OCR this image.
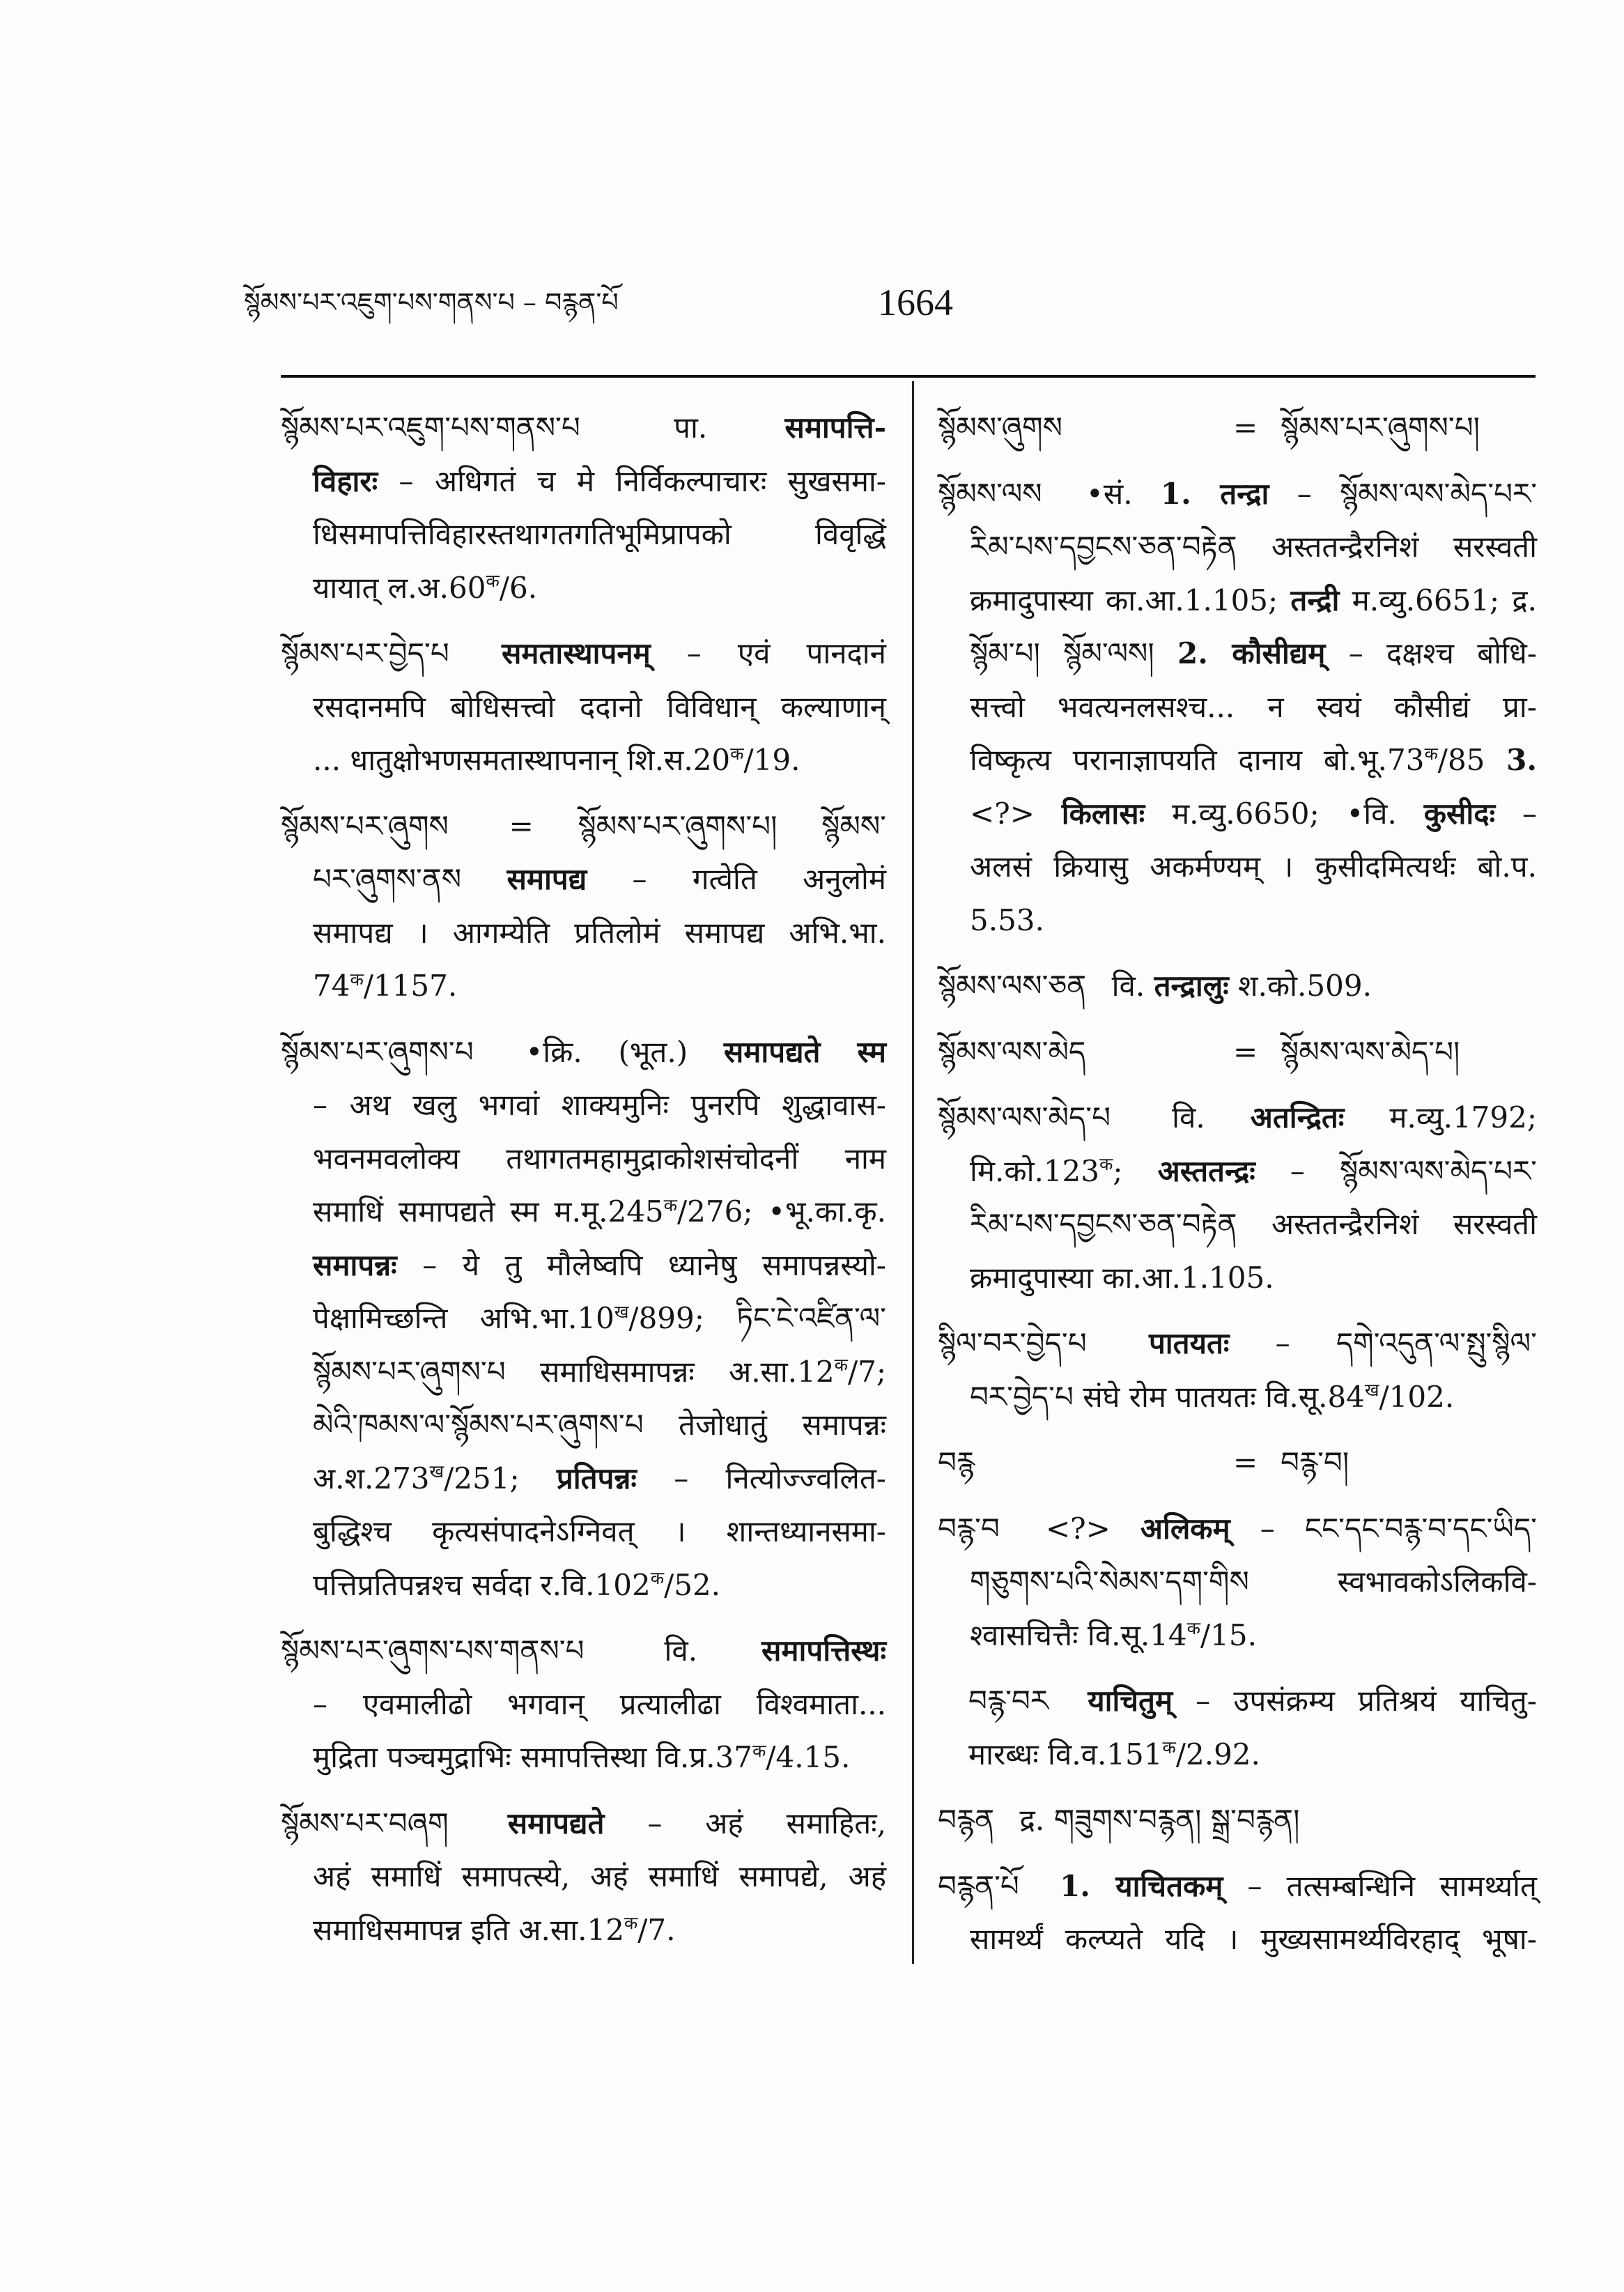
སྙོམས་པར་འཇུག་པས་གནས་པ – བརྙན་པོ	1664
སྙོམས་པར་འཇུག་པས་གནས་པ पा. समापत्ति-
विहारः – अधिगतं च मे निर्विकल्पाचारः सुखसमा-
धिसमापत्तिविहारस्तथागतगतिभूमिप्रापको विवृद्धिं
यायात् $ल.अ.60^क/6$.
སྙོམས་པར་བྱེད་པ समतास्थापनम् – एवं पानदानं
रसदानमपि बोधिसत्त्वो ददानो विविधान् कल्याणान्
... धातुक्षोभणसमतास्थापनान् $शि.स.20^क/19$.
སྙོམས་པར་ཞུགས = སྙོམས་པར་ཞུགས་པ། སྙོམས་
པར་ཞུགས་ནས समापद्य – गत्वेति अनुलोमं
समापद्य । आगम्येति प्रतिलोमं समापद्य अभि.भा.
$74^क/1157$.
སྙོམས་པར་ཞུགས་པ •क्रि. (भूत.) समापद्यते स्म
– अथ खलु भगवां शाक्यमुनिः पुनरपि शुद्धावास-
भवनमवलोक्य तथागतमहामुद्राकोशसंचोदनीं नाम
समाधिं समापद्यते स्म $म.मू.245^क/276$; •भू.का.कृ.
समापन्नः – ये तु मौलेष्वपि ध्यानेषु समापन्नस्यो-
पेक्षामिच्छन्ति $अभि.भा.10^ख/899$; ཏིང་ངེ་འཛིན་ལ་
སྙོམས་པར་ཞུགས་པ समाधिसमापन्नः $अ.सा.12^क/7$;
མེའི་ཁམས་ལ་སྙོམས་པར་ཞུགས་པ तेजोधातुं समापन्नः
$अ.श.273^ख/251$; प्रतिपन्नः – नित्योज्ज्वलित-
बुद्धिश्च कृत्यसंपादनेऽग्निवत् । शान्तध्यानसमा-
पत्तिप्रतिपन्नश्च सर्वदा $र.वि.102^क/52$.
སྙོམས་པར་ཞུགས་པས་གནས་པ वि. समापत्तिस्थः
– एवमालीढो भगवान् प्रत्यालीढा विश्वमाता...
मुद्रिता पञ्चमुद्राभिः समापत्तिस्था $वि.प्र.37^क/4.15$.
སྙོམས་པར་བཞག समापद्यते – अहं समाहितः,
अहं समाधिं समापत्स्ये, अहं समाधिं समापद्ये, अहं
समाधिसमापन्न इति $अ.सा.12^क/7$.
སྙོམས་ཞུགས	= སྙོམས་པར་ཞུགས་པ།
སྙོམས་ལས •सं. 1. तन्द्रा – སྙོམས་ལས་མེད་པར་
རིམ་པས་དབྱངས་ཅན་བརྟེན अस्ततन्द्रैरनिशं सरस्वती
क्रमादुपास्या का.आ.1.105; तन्द्री म.व्यु.6651; द्र.
སྙོམ་པ། སྙོམ་ལས། 2. कौसीद्यम् – दक्षश्च बोधि-
सत्त्वो भवत्यनलसश्च... न स्वयं कौसीद्यं प्रा-
विष्कृत्य परानाज्ञापयति दानाय $बो.भू.73^क/85$ 3.
<?> किलासः म.व्यु.6650; •वि. कुसीदः –
अलसं क्रियासु अकर्मण्यम् । कुसीदमित्यर्थः बो.प.
5.53.
སྙོམས་ལས་ཅན वि. तन्द्रालुः श.को.509.
སྙོམས་ལས་མེད	= སྙོམས་ལས་མེད་པ།
སྙོམས་ལས་མེད་པ वि. अतन्द्रितः म.व्यु.1792;
$मि.को.123^क$; अस्ततन्द्रः – སྙོམས་ལས་མེད་པར་
རིམ་པས་དབྱངས་ཅན་བརྟེན अस्ततन्द्रैरनिशं सरस्वती
क्रमादुपास्या का.आ.1.105.
སྙིལ་བར་བྱེད་པ पातयतः – དགེ་འདུན་ལ་སྤུ་སྙིལ་
བར་བྱེད་པ संघे रोम पातयतः $वि.सू.84^ख/102$.
བརྙ	= བརྙ་བ།
བརྙ་བ <?> अलिकम् – ངང་དང་བརྙ་བ་དང་ཡིད་
གཅུགས་པའི་སེམས་དག་གིས स्वभावकोऽलिकवि-
श्वासचित्तैः $वि.सू.14^क/15$.
བརྙ་བར याचितुम् – उपसंक्रम्य प्रतिश्रयं याचितु-
मारब्धः $वि.व.151^क/2.92$.
བརྙན द्र. གཟུགས་བརྙན། སྒྲ་བརྙན།
བརྙན་པོ 1. याचितकम् – तत्सम्बन्धिनि सामर्थ्यात्
सामर्थ्यं कल्प्यते यदि । मुख्यसामर्थ्यविरहाद् भूषा-
